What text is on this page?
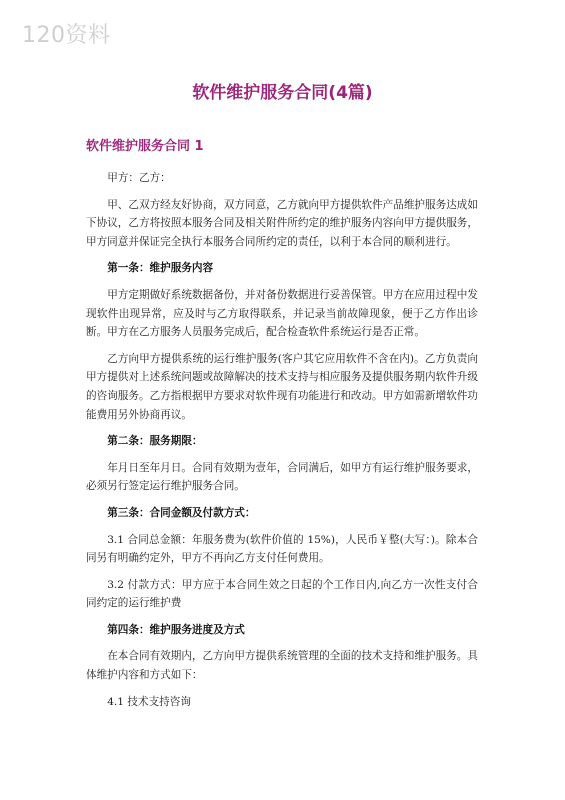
120资料
软件维护服务合同(4篇)
软件维护服务合同 1

甲方：乙方：

甲、乙双方经友好协商，双方同意，乙方就向甲方提供软件产品维护服务达成如下协议，乙方将按照本服务合同及相关附件所约定的维护服务内容向甲方提供服务，甲方同意并保证完全执行本服务合同所约定的责任，以利于本合同的顺利进行。

第一条：维护服务内容

甲方定期做好系统数据备份，并对备份数据进行妥善保管。甲方在应用过程中发现软件出现异常，应及时与乙方取得联系，并记录当前故障现象，便于乙方作出诊断。甲方在乙方服务人员服务完成后，配合检查软件系统运行是否正常。

乙方向甲方提供系统的运行维护服务(客户其它应用软件不含在内)。乙方负责向甲方提供对上述系统问题或故障解决的技术支持与相应服务及提供服务期内软件升级的咨询服务。乙方指根据甲方要求对软件现有功能进行和改动。甲方如需新增软件功能费用另外协商再议。

第二条：服务期限：

年月日至年月日。合同有效期为壹年，合同满后，如甲方有运行维护服务要求，必须另行签定运行维护服务合同。

第三条：合同金额及付款方式：

3.1 合同总金额：年服务费为(软件价值的 15%)，人民币￥整(大写：)。除本合同另有明确约定外，甲方不再向乙方支付任何费用。

3.2 付款方式：甲方应于本合同生效之日起的个工作日内,向乙方一次性支付合同约定的运行维护费

第四条：维护服务进度及方式

在本合同有效期内，乙方向甲方提供系统管理的全面的技术支持和维护服务。具体维护内容和方式如下：

4.1 技术支持咨询
